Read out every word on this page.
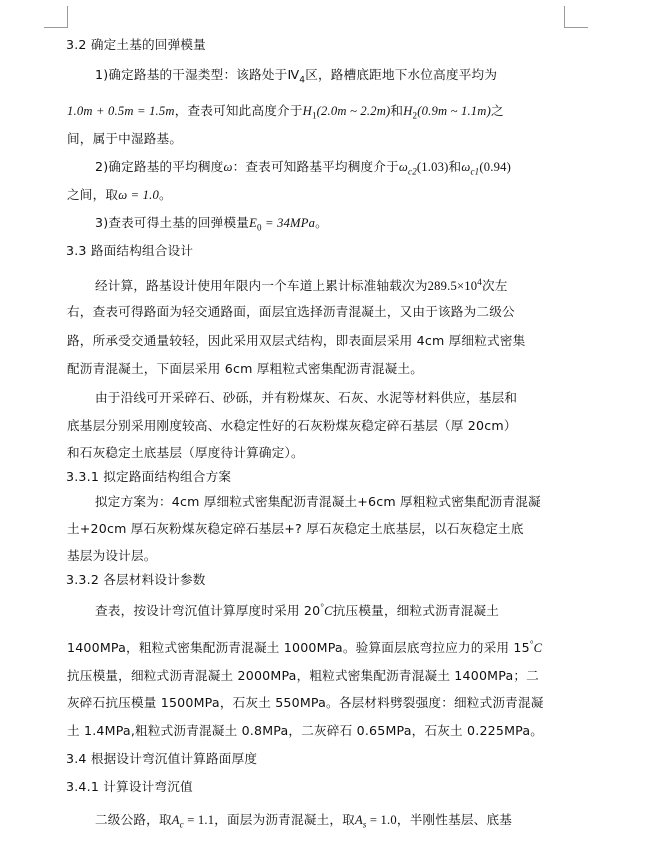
3.2 确定土基的回弹模量
1)确定路基的干湿类型：该路处于$Ⅳ_4$区，路槽底距地下水位高度平均为
1.0m + 0.5m = 1.5m，查表可知此高度介于$H_1(2.0m$ ~ 2.2m)和$H_2(0.9m$ ~ 1.1m)之
间，属于中湿路基。
2)确定路基的平均稠度ω：查表可知路基平均稠度介于$\omega_{c2}(1.03)$和$\omega_{c1}(0.94)$
之间，取ω = 1.0。
3)查表可得土基的回弹模量$E_0 = 34MPa$。
3.3 路面结构组合设计
经计算，路基设计使用年限内一个车道上累计标准轴载次为$289.5\times 10^4$次左
右，查表可得路面为轻交通路面，面层宜选择沥青混凝土，又由于该路为二级公
路，所承受交通量较轻，因此采用双层式结构，即表面层采用 4cm 厚细粒式密集
配沥青混凝土，下面层采用 6cm 厚粗粒式密集配沥青混凝土。
由于沿线可开采碎石、砂砾，并有粉煤灰、石灰、水泥等材料供应，基层和
底基层分别采用刚度较高、水稳定性好的石灰粉煤灰稳定碎石基层（厚 20cm）
和石灰稳定土底基层（厚度待计算确定）。
3.3.1 拟定路面结构组合方案
拟定方案为：4cm 厚细粒式密集配沥青混凝土+6cm 厚粗粒式密集配沥青混凝
土+20cm 厚石灰粉煤灰稳定碎石基层+? 厚石灰稳定土底基层，以石灰稳定土底
基层为设计层。
3.3.2 各层材料设计参数
查表，按设计弯沉值计算厚度时采用 20°C抗压模量，细粒式沥青混凝土
1400MPa，粗粒式密集配沥青混凝土 1000MPa。验算面层底弯拉应力的采用 15°C
抗压模量，细粒式沥青混凝土 2000MPa，粗粒式密集配沥青混凝土 1400MPa；二
灰碎石抗压模量 1500MPa，石灰土 550MPa。各层材料劈裂强度：细粒式沥青混凝
土 1.4MPa,粗粒式沥青混凝土 0.8MPa，二灰碎石 0.65MPa，石灰土 0.225MPa。
3.4 根据设计弯沉值计算路面厚度
3.4.1 计算设计弯沉值
二级公路，取$A_c = 1.1$，面层为沥青混凝土，取$A_s = 1.0$，半刚性基层、底基
